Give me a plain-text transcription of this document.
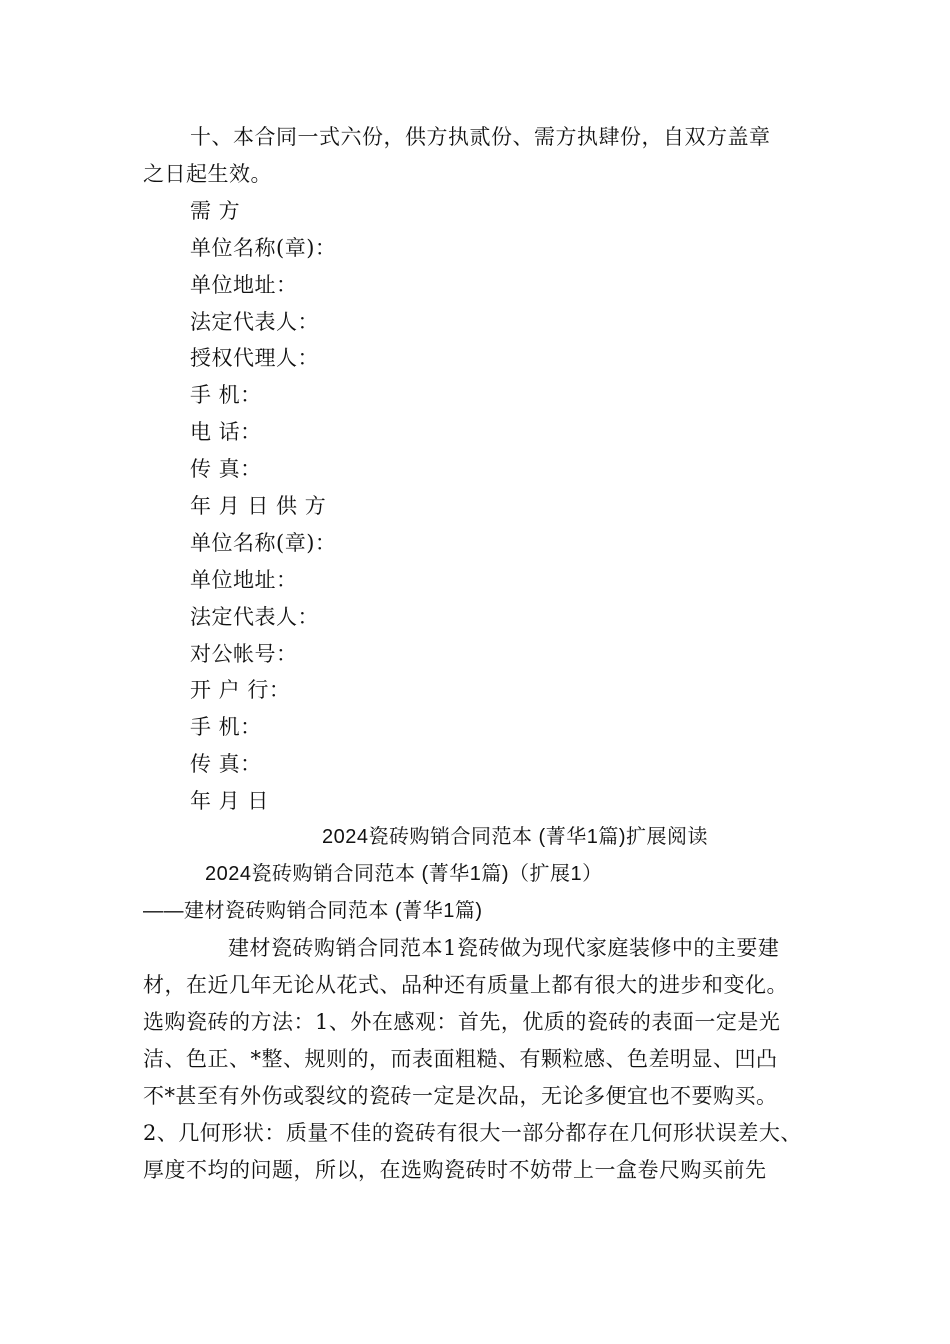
十、本合同一式六份，供方执贰份、需方执肆份，自双方盖章
之日起生效。
需 方
单位名称(章)：
单位地址：
法定代表人：
授权代理人：
手 机：
电 话：
传 真：
年 月 日 供 方
单位名称(章)：
单位地址：
法定代表人：
对公帐号：
开 户 行：
手 机：
传 真：
年 月 日
2024瓷砖购销合同范本 (菁华1篇)扩展阅读
2024瓷砖购销合同范本 (菁华1篇)（扩展1）
——建材瓷砖购销合同范本 (菁华1篇)
建材瓷砖购销合同范本1瓷砖做为现代家庭装修中的主要建
材，在近几年无论从花式、品种还有质量上都有很大的进步和变化。
选购瓷砖的方法：1、外在感观：首先，优质的瓷砖的表面一定是光
洁、色正、*整、规则的，而表面粗糙、有颗粒感、色差明显、凹凸
不*甚至有外伤或裂纹的瓷砖一定是次品，无论多便宜也不要购买。
2、几何形状：质量不佳的瓷砖有很大一部分都存在几何形状误差大、
厚度不均的问题，所以，在选购瓷砖时不妨带上一盒卷尺购买前先
